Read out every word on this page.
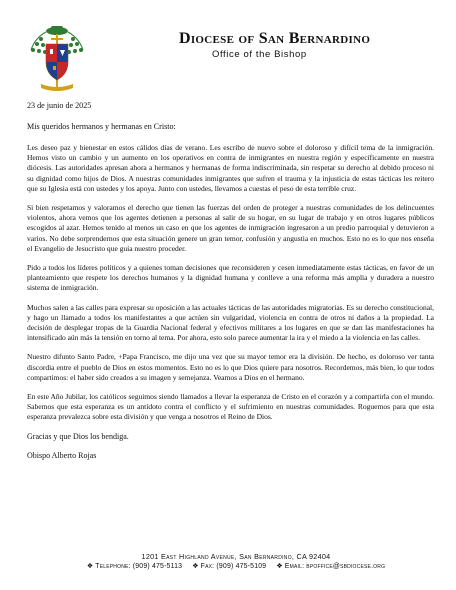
Diocese of San Bernardino
Office of the Bishop

23 de junio de 2025

Mis queridos hermanos y hermanas en Cristo:

Les deseo paz y bienestar en estos cálidos días de verano. Les escribo de nuevo sobre el doloroso y difícil tema de la inmigración. Hemos visto un cambio y un aumento en los operativos en contra de inmigrantes en nuestra región y específicamente en nuestra diócesis. Las autoridades apresan ahora a hermanos y hermanas de forma indiscriminada, sin respetar su derecho al debido proceso ni su dignidad como hijos de Dios. A nuestras comunidades inmigrantes que sufren el trauma y la injusticia de estas tácticas les reitero que su Iglesia está con ustedes y los apoya. Junto con ustedes, llevamos a cuestas el peso de esta terrible cruz.

Si bien respetamos y valoramos el derecho que tienen las fuerzas del orden de proteger a nuestras comunidades de los delincuentes violentos, ahora vemos que los agentes detienen a personas al salir de su hogar, en su lugar de trabajo y en otros lugares públicos escogidos al azar. Hemos tenido al menos un caso en que los agentes de inmigración ingresaron a un predio parroquial y detuvieron a varios. No debe sorprendernos que esta situación genere un gran temor, confusión y angustia en muchos. Esto no es lo que nos enseña el Evangelio de Jesucristo que guía nuestro proceder.

Pido a todos los líderes políticos y a quienes toman decisiones que reconsideren y cesen inmediatamente estas tácticas, en favor de un planteamiento que respete los derechos humanos y la dignidad humana y conlleve a una reforma más amplia y duradera a nuestro sistema de inmigración.

Muchos salen a las calles para expresar su oposición a las actuales tácticas de las autoridades migratorias. Es su derecho constitucional, y hago un llamado a todos los manifestantes a que actúen sin vulgaridad, violencia en contra de otros ni daños a la propiedad. La decisión de desplegar tropas de la Guardia Nacional federal y efectivos militares a los lugares en que se dan las manifestaciones ha intensificado aún más la tensión en torno al tema. Por ahora, esto solo parece aumentar la ira y el miedo a la violencia en las calles.

Nuestro difunto Santo Padre, +Papa Francisco, me dijo una vez que su mayor temor era la división. De hecho, es doloroso ver tanta discordia entre el pueblo de Dios en estos momentos. Esto no es lo que Dios quiere para nosotros. Recordemos, más bien, lo que todos compartimos: el haber sido creados a su imagen y semejanza. Veamos a Dios en el hermano.

En este Año Jubilar, los católicos seguimos siendo llamados a llevar la esperanza de Cristo en el corazón y a compartirla con el mundo. Sabemos que esta esperanza es un antídoto contra el conflicto y el sufrimiento en nuestras comunidades. Roguemos para que esta esperanza prevalezca sobre esta división y que venga a nosotros el Reino de Dios.

Gracias y que Dios los bendiga.

Obispo Alberto Rojas

1201 East Highland Avenue, San Bernardino, CA 92404
❖ Telephone: (909) 475-5113 ❖ Fax: (909) 475-5109 ❖ Email: bpoffice@sbdiocese.org
